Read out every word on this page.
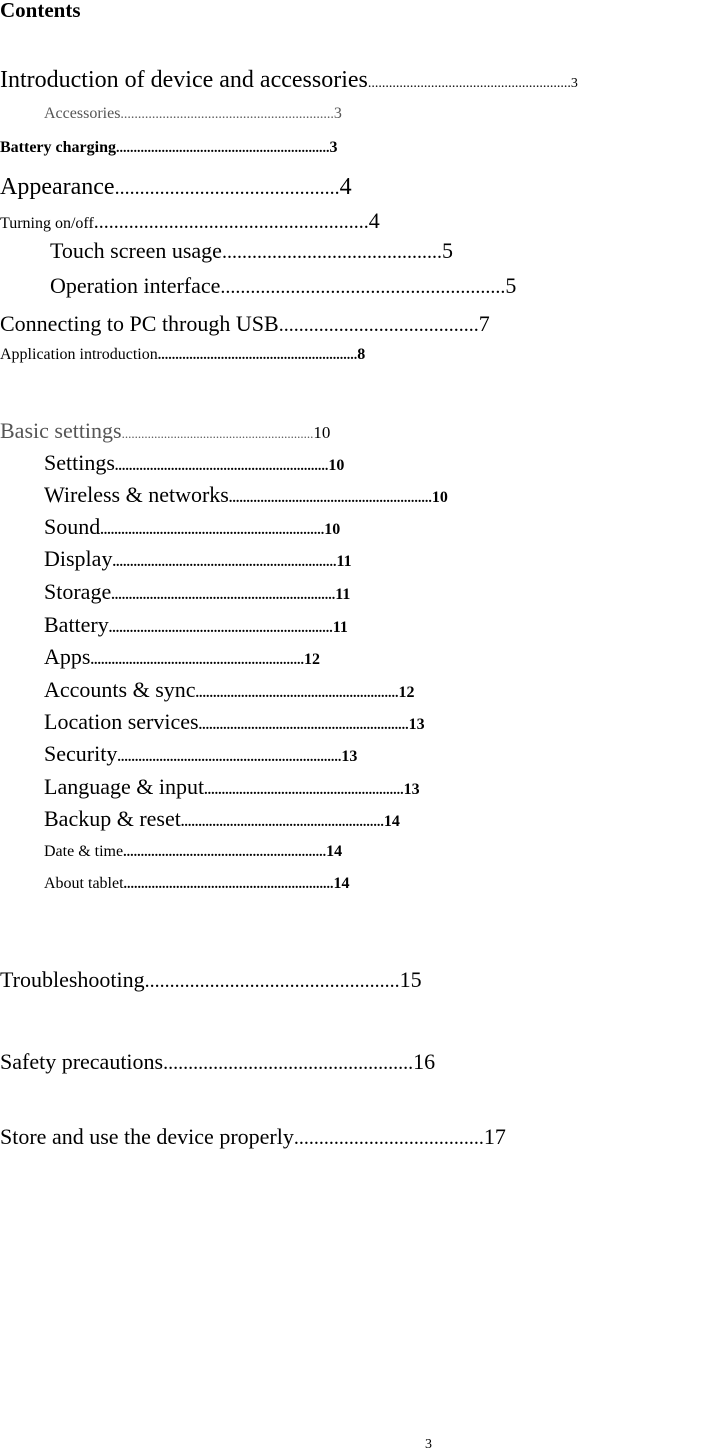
Contents
Introduction of device and accessories..........................................................3
Accessories.............................................................3
Battery charging.............................................................3
Appearance.............................................4
Turning on/off.......................................................4
Touch screen usage............................................5
Operation interface.........................................................5
Connecting to PC through USB........................................7
Application introduction.........................................................8
Basic settings...........................................................10
Settings.............................................................10
Wireless & networks..........................................................10
Sound................................................................10
Display................................................................11
Storage................................................................11
Battery................................................................11
Apps.............................................................12
Accounts & sync..........................................................12
Location services............................................................13
Security................................................................13
Language & input.........................................................13
Backup & reset..........................................................14
Date & time..........................................................14
About tablet............................................................14
Troubleshooting...................................................15
Safety precautions..................................................16
Store and use the device properly......................................17
3
